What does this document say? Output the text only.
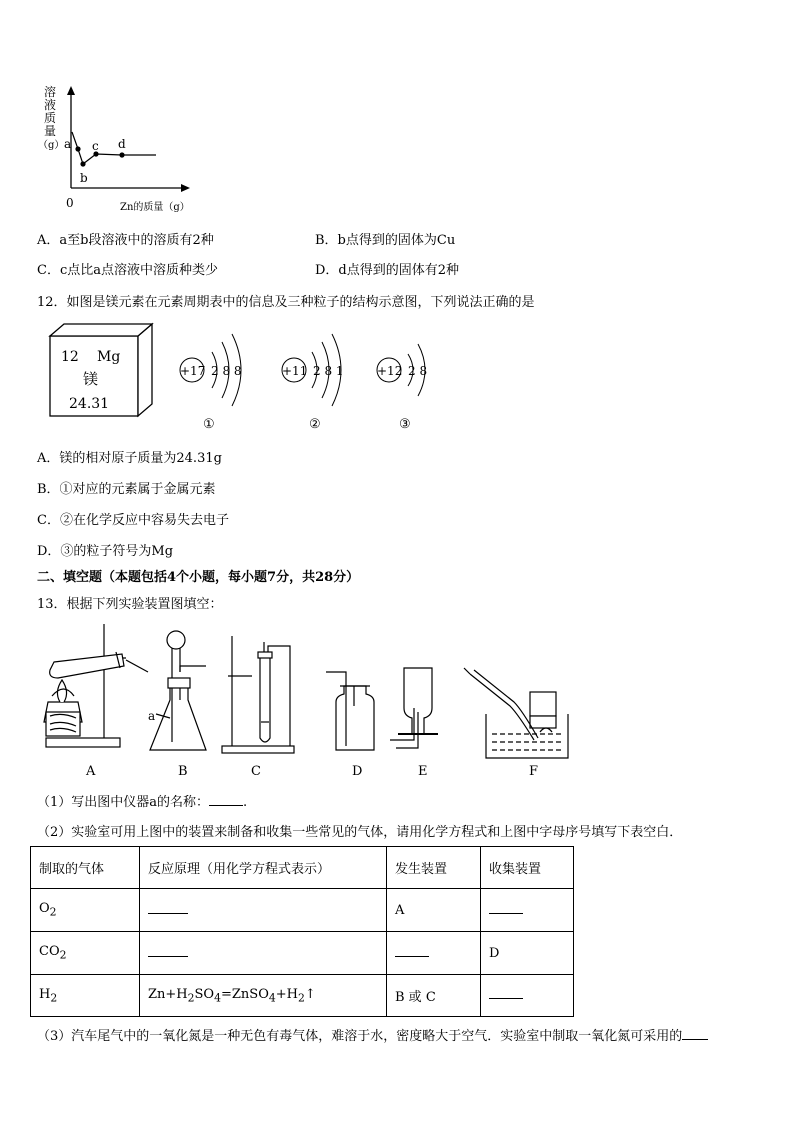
溶
液
质
量
（g） a
b
c d
0	Zn的质量（g）
A．a至b段溶液中的溶质有2种	B．b点得到的固体为Cu
C．c点比a点溶液中溶质种类少	D．d点得到的固体有2种
12．如图是镁元素在元素周期表中的信息及三种粒子的结构示意图，下列说法正确的是
12 Mg
镁
24.31
+17 2 8 8
①
+11 2 8 1
②
+12 2 8
③
A．镁的相对原子质量为24.31g
B．①对应的元素属于金属元素
C．②在化学反应中容易失去电子
D．③的粒子符号为Mg
二、填空题（本题包括4个小题，每小题7分，共28分）
13．根据下列实验装置图填空：
a
A	B	C	D	E	F
（1）写出图中仪器a的名称：	.
（2）实验室可用上图中的装置来制备和收集一些常见的气体，请用化学方程式和上图中字母序号填写下表空白．
制取的气体	反应原理（用化学方程式表示）	发生装置	收集装置
$O_2$		A	
$CO_2$			D
$H_2$	$Zn+H_2SO_4=ZnSO_4+H_2↑$	B 或 C	
（3）汽车尾气中的一氧化氮是一种无色有毒气体，难溶于水，密度略大于空气．实验室中制取一氧化氮可采用的
